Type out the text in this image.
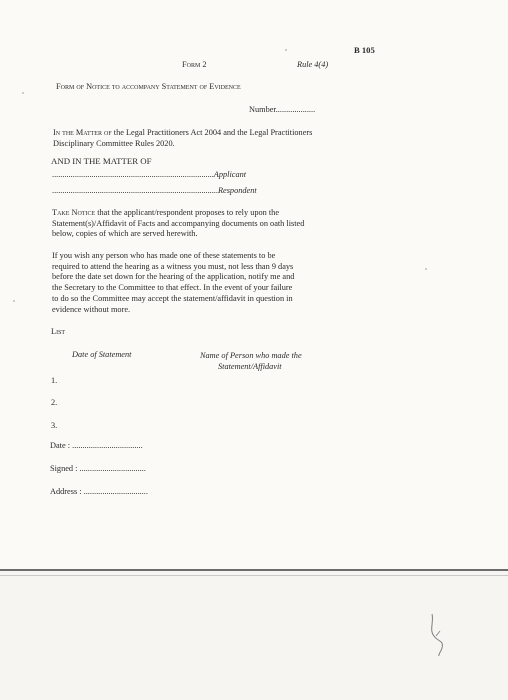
B 105
Form 2	Rule 4(4)
Form of Notice to accompany Statement of Evidence
Number...................
In the Matter of the Legal Practitioners Act 2004 and the Legal Practitioners
Disciplinary Committee Rules 2020.
AND IN THE MATTER OF
..............................................................................Applicant
................................................................................Respondent
Take Notice that the applicant/respondent proposes to rely upon the
Statement(s)/Affidavit of Facts and accompanying documents on oath listed
below, copies of which are served herewith.
If you wish any person who has made one of these statements to be
required to attend the hearing as a witness you must, not less than 9 days
before the date set down for the hearing of the application, notify me and
the Secretary to the Committee to that effect. In the event of your failure
to do so the Committee may accept the statement/affidavit in question in
evidence without more.
List
Date of Statement	Name of Person who made the
Statement/Affidavit
1.
2.
3.
Date : ..................................
Signed : ................................
Address : ...............................
